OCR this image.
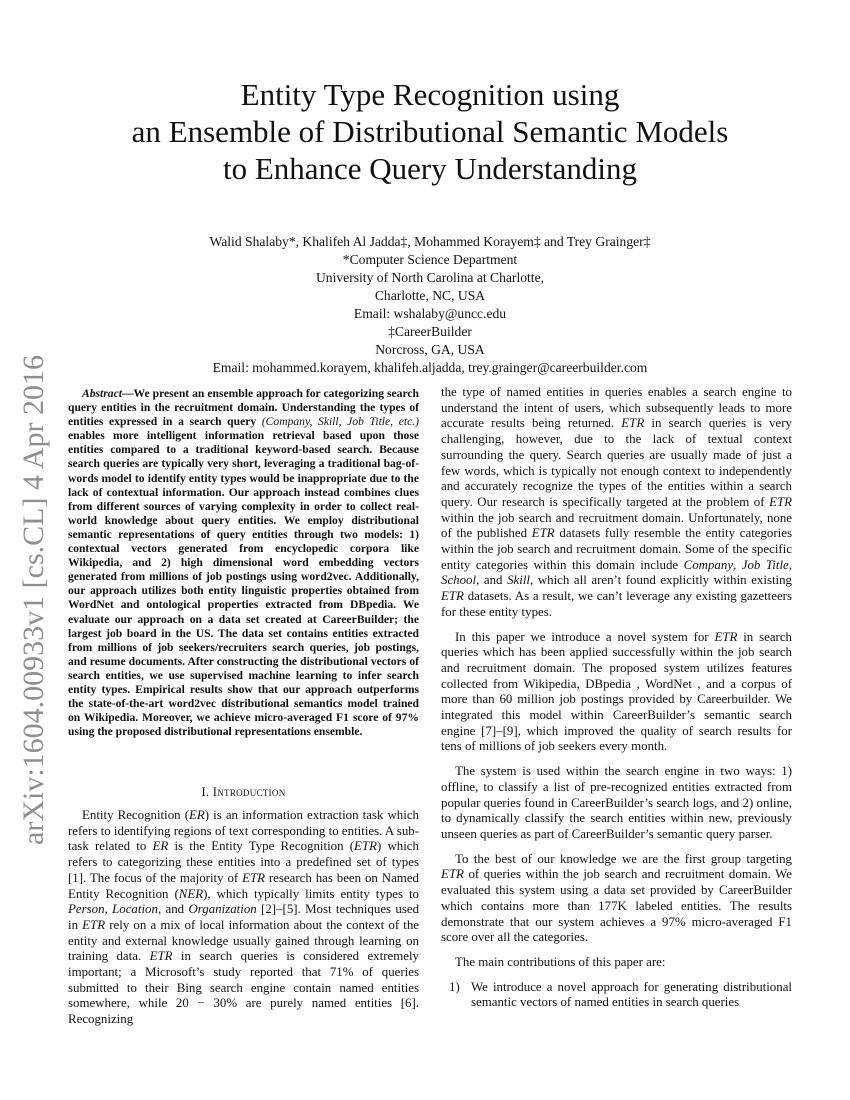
arXiv:1604.00933v1 [cs.CL] 4 Apr 2016
Entity Type Recognition using
an Ensemble of Distributional Semantic Models
to Enhance Query Understanding
Walid Shalaby*, Khalifeh Al Jadda‡, Mohammed Korayem‡ and Trey Grainger‡
*Computer Science Department
University of North Carolina at Charlotte,
Charlotte, NC, USA
Email: wshalaby@uncc.edu
‡CareerBuilder
Norcross, GA, USA
Email: mohammed.korayem, khalifeh.aljadda, trey.grainger@careerbuilder.com
Abstract—We present an ensemble approach for categorizing search query entities in the recruitment domain. Understanding the types of entities expressed in a search query (Company, Skill, Job Title, etc.) enables more intelligent information retrieval based upon those entities compared to a traditional keyword-based search. Because search queries are typically very short, leveraging a traditional bag-of-words model to identify entity types would be inappropriate due to the lack of contextual information. Our approach instead combines clues from different sources of varying complexity in order to collect real-world knowledge about query entities. We employ distributional semantic representations of query entities through two models: 1) contextual vectors generated from encyclopedic corpora like Wikipedia, and 2) high dimensional word embedding vectors generated from millions of job postings using word2vec. Additionally, our approach utilizes both entity linguistic properties obtained from WordNet and ontological properties extracted from DBpedia. We evaluate our approach on a data set created at CareerBuilder; the largest job board in the US. The data set contains entities extracted from millions of job seekers/recruiters search queries, job postings, and resume documents. After constructing the distributional vectors of search entities, we use supervised machine learning to infer search entity types. Empirical results show that our approach outperforms the state-of-the-art word2vec distributional semantics model trained on Wikipedia. Moreover, we achieve micro-averaged F1 score of 97% using the proposed distributional representations ensemble.
I. Introduction

Entity Recognition (ER) is an information extraction task which refers to identifying regions of text corresponding to entities. A sub-task related to ER is the Entity Type Recognition (ETR) which refers to categorizing these entities into a predefined set of types [1]. The focus of the majority of ETR research has been on Named Entity Recognition (NER), which typically limits entity types to Person, Location, and Organization [2]–[5]. Most techniques used in ETR rely on a mix of local information about the context of the entity and external knowledge usually gained through learning on training data. ETR in search queries is considered extremely important; a Microsoft’s study reported that 71% of queries submitted to their Bing search engine contain named entities somewhere, while 20 − 30% are purely named entities [6]. Recognizing

the type of named entities in queries enables a search engine to understand the intent of users, which subsequently leads to more accurate results being returned. ETR in search queries is very challenging, however, due to the lack of textual context surrounding the query. Search queries are usually made of just a few words, which is typically not enough context to independently and accurately recognize the types of the entities within a search query. Our research is specifically targeted at the problem of ETR within the job search and recruitment domain. Unfortunately, none of the published ETR datasets fully resemble the entity categories within the job search and recruitment domain. Some of the specific entity categories within this domain include Company, Job Title, School, and Skill, which all aren’t found explicitly within existing ETR datasets. As a result, we can’t leverage any existing gazetteers for these entity types.

In this paper we introduce a novel system for ETR in search queries which has been applied successfully within the job search and recruitment domain. The proposed system utilizes features collected from Wikipedia, DBpedia , WordNet , and a corpus of more than 60 million job postings provided by Careerbuilder. We integrated this model within CareerBuilder’s semantic search engine [7]–[9], which improved the quality of search results for tens of millions of job seekers every month.

The system is used within the search engine in two ways: 1) offline, to classify a list of pre-recognized entities extracted from popular queries found in CareerBuilder’s search logs, and 2) online, to dynamically classify the search entities within new, previously unseen queries as part of CareerBuilder’s semantic query parser.

To the best of our knowledge we are the first group targeting ETR of queries within the job search and recruitment domain. We evaluated this system using a data set provided by CareerBuilder which contains more than 177K labeled entities. The results demonstrate that our system achieves a 97% micro-averaged F1 score over all the categories.

The main contributions of this paper are:

1) We introduce a novel approach for generating distributional semantic vectors of named entities in search queries
